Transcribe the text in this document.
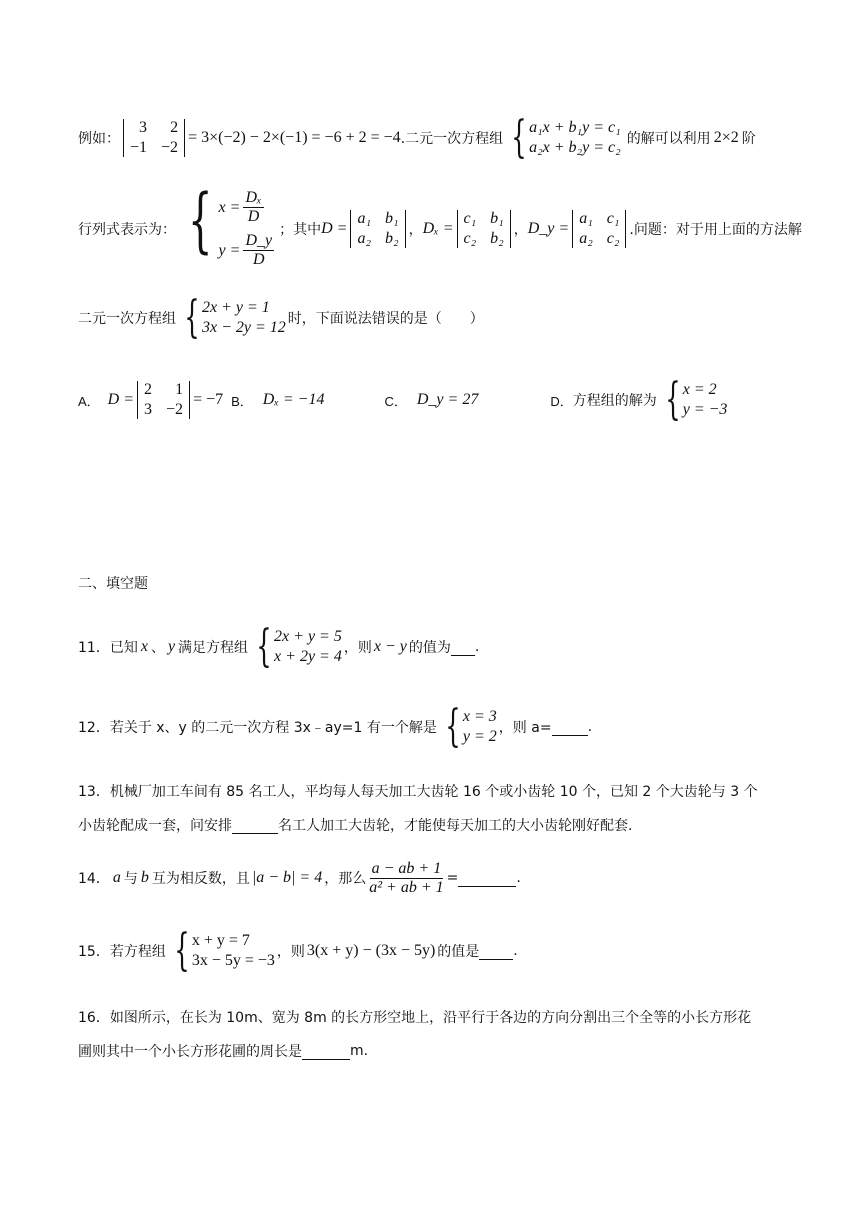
例如：
3	2
−1 −2
= 3×(−2) − 2×(−1) = −6 + 2 = −4 .二元一次方程组 { a₁x + b₁y = c₁
a₂x + b₂y = c₂ 的解可以利用 2×2 阶
行列式表示为： { $x = \frac{\text{Dₓ}}{D}$
$y = \frac{D\_y}{D}$
；其中 D =
a₁ b₁
a₂ b₂ ， Dₓ =
c₁ b₁
c₂ b₂ ， D_y =
a₁ c₁
a₂ c₂ .问题：对于用上面的方法解
二元一次方程组 { 2x + y = 1
3x − 2y = 12 时，下面说法错误的是（　　）
A． D =
2	1
3 −2
= −7 B． Dₓ = −14	C． D_y = 27	D． 方程组的解为 { x = 2
y = −3
二、填空题
11．已知 x 、 y 满足方程组 { 2x + y = 5
x + 2y = 4 ，则 x − y 的值为 .
12．若关于 x、y 的二元一次方程 3x﹣ay=1 有一个解是 { x = 3
y = 2 ，则 a=	.
13．机械厂加工车间有 85 名工人，平均每人每天加工大齿轮 16 个或小齿轮 10 个，已知 2 个大齿轮与 3 个
小齿轮配成一套，问安排	名工人加工大齿轮，才能使每天加工的大小齿轮刚好配套.
14． a 与 b 互为相反数，且 |a − b| = 4 ，那么 $\frac{a - ab + 1}{\text{a² + ab + 1}}$ =	.
15．若方程组 { x + y = 7
3x − 5y = −3 ，则 3(x + y) − (3x − 5y) 的值是 .
16．如图所示，在长为 10m、宽为 8m 的长方形空地上，沿平行于各边的方向分割出三个全等的小长方形花
圃则其中一个小长方形花圃的周长是	m.
